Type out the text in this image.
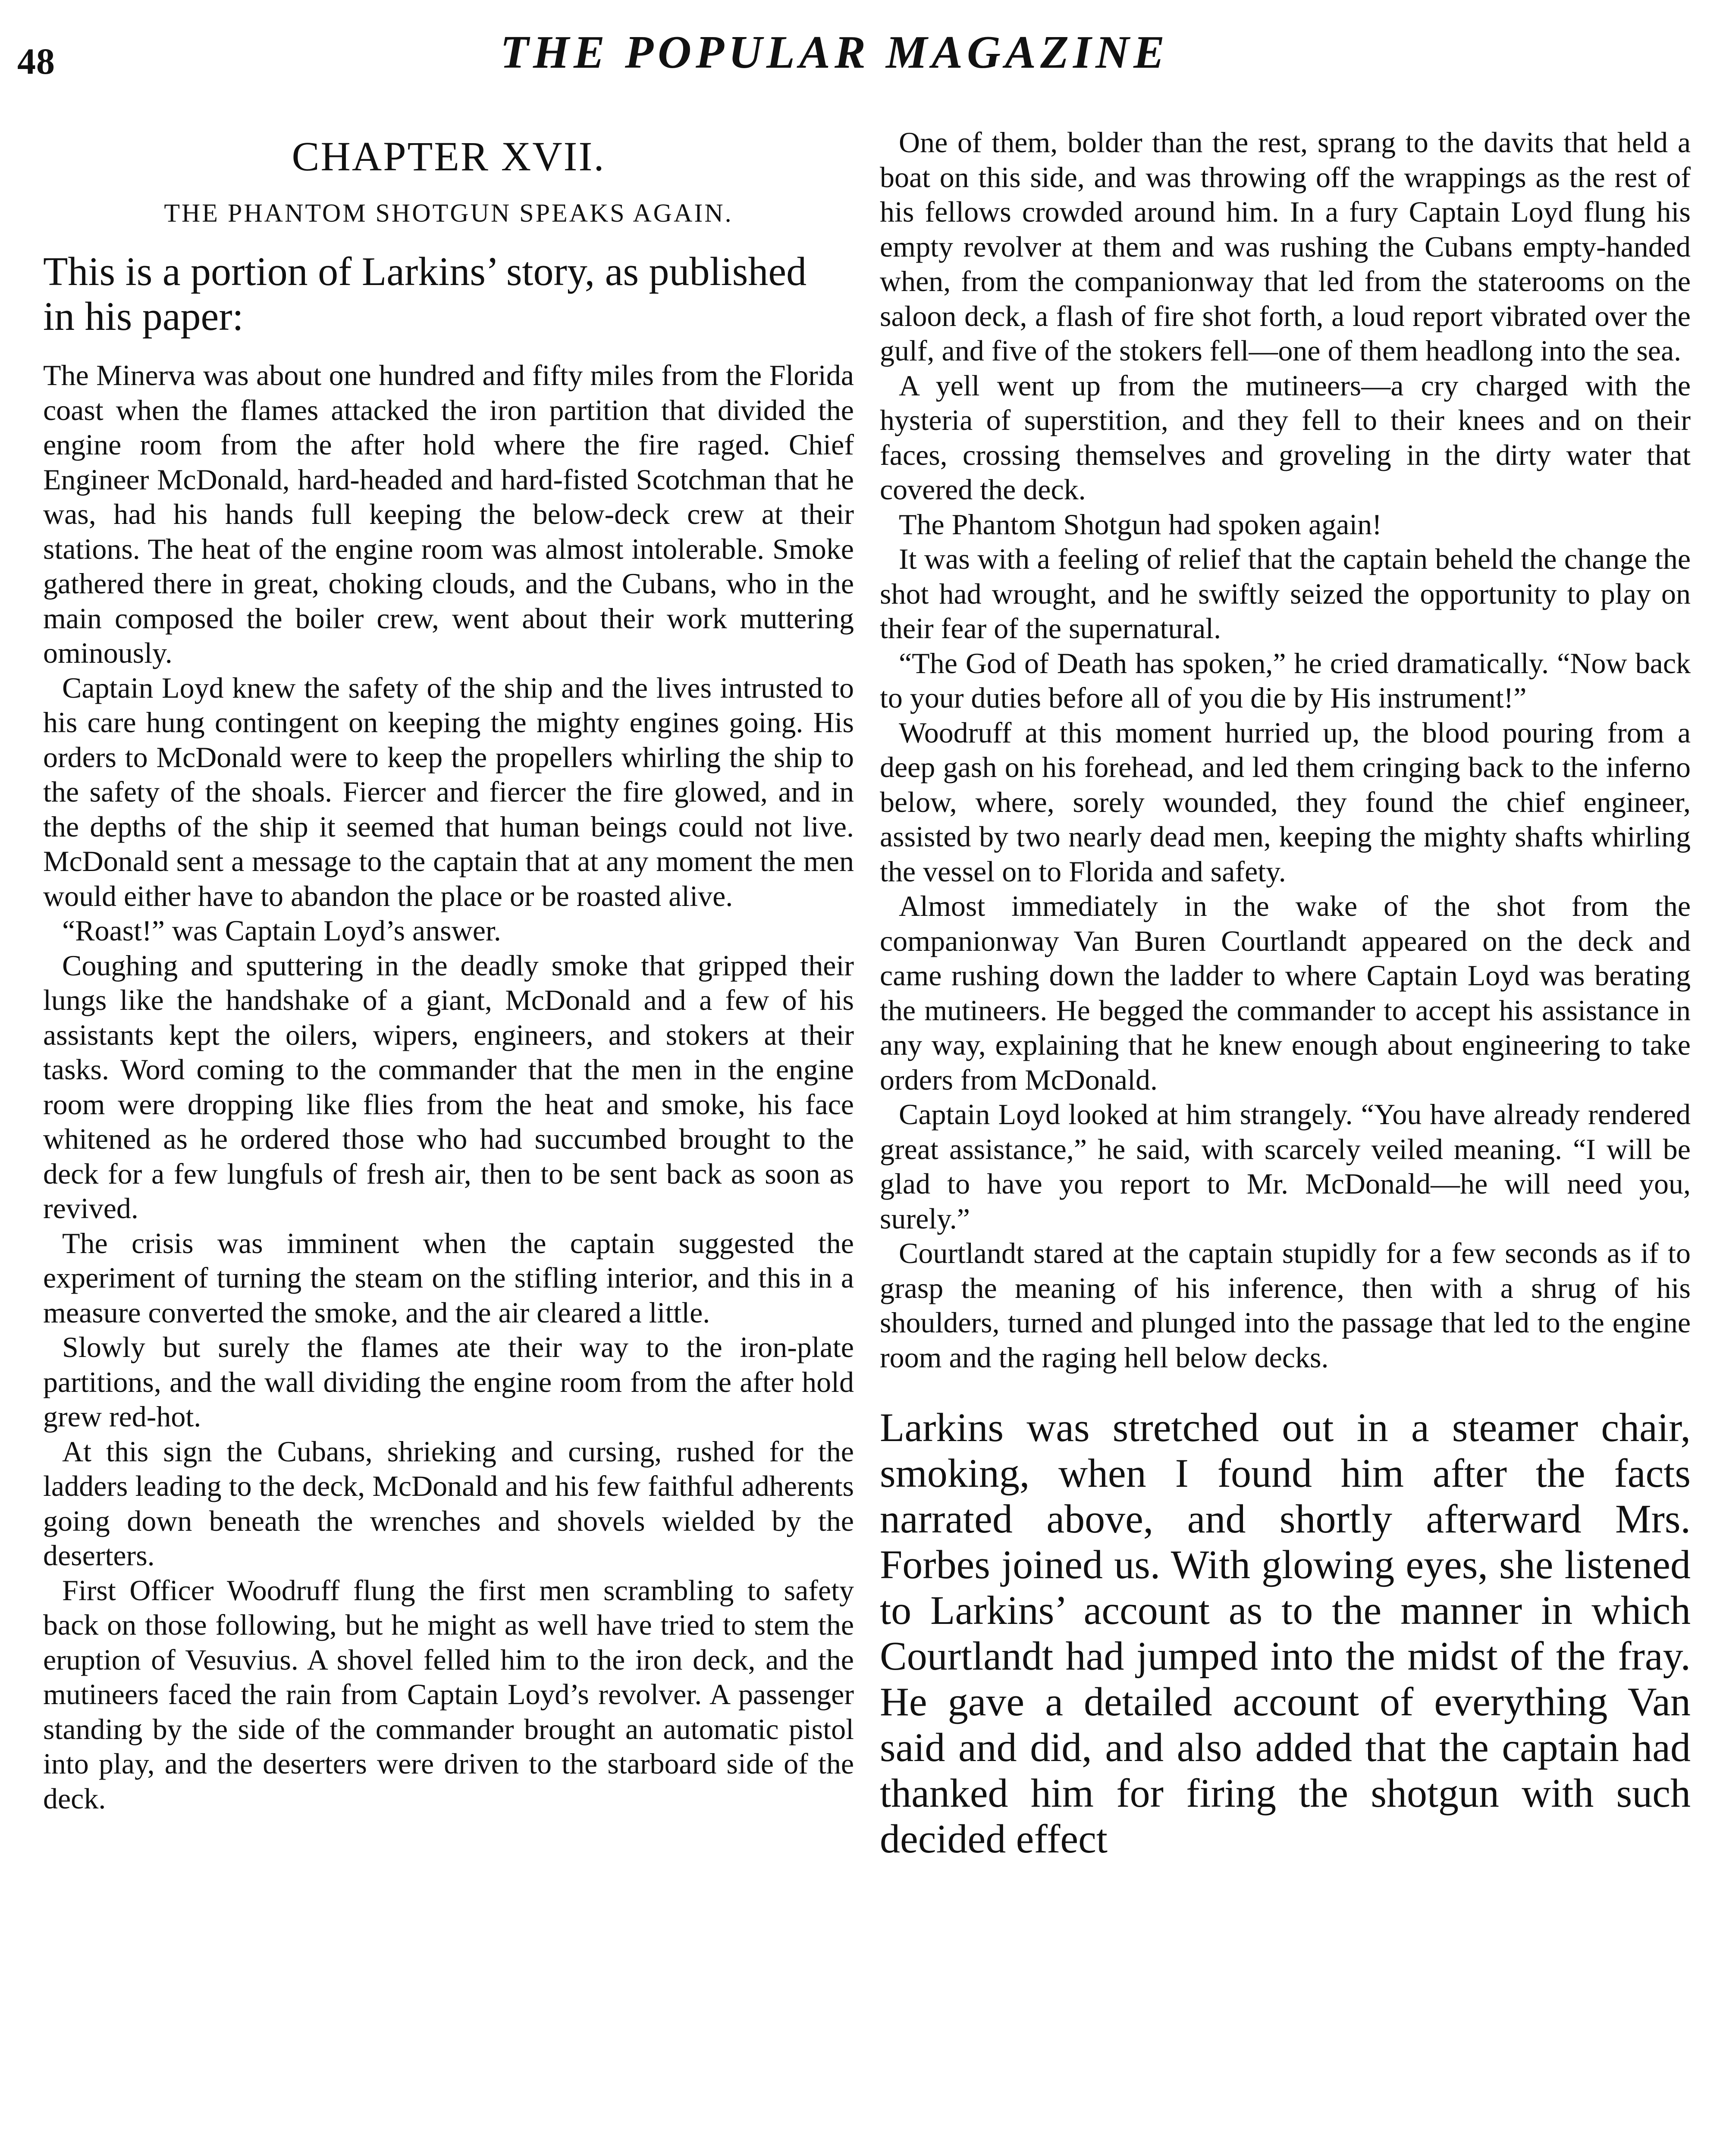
48	THE POPULAR MAGAZINE
CHAPTER XVII.
THE PHANTOM SHOTGUN SPEAKS AGAIN.
This is a portion of Larkins’ story, as published in his paper:

The Minerva was about one hundred and fifty miles from the Florida coast when the flames attacked the iron partition that divided the engine room from the after hold where the fire raged. Chief Engineer McDonald, hard-headed and hard-fisted Scotchman that he was, had his hands full keeping the below-deck crew at their stations. The heat of the engine room was almost intolerable. Smoke gathered there in great, choking clouds, and the Cubans, who in the main composed the boiler crew, went about their work muttering ominously.

Captain Loyd knew the safety of the ship and the lives intrusted to his care hung contingent on keeping the mighty engines going. His orders to McDonald were to keep the propellers whirling the ship to the safety of the shoals. Fiercer and fiercer the fire glowed, and in the depths of the ship it seemed that human beings could not live. McDonald sent a message to the captain that at any moment the men would either have to abandon the place or be roasted alive.

“Roast!” was Captain Loyd’s answer.

Coughing and sputtering in the deadly smoke that gripped their lungs like the handshake of a giant, McDonald and a few of his assistants kept the oilers, wipers, engineers, and stokers at their tasks. Word coming to the commander that the men in the engine room were dropping like flies from the heat and smoke, his face whitened as he ordered those who had succumbed brought to the deck for a few lungfuls of fresh air, then to be sent back as soon as revived.

The crisis was imminent when the captain suggested the experiment of turning the steam on the stifling interior, and this in a measure converted the smoke, and the air cleared a little.

Slowly but surely the flames ate their way to the iron-plate partitions, and the wall dividing the engine room from the after hold grew red-hot.

At this sign the Cubans, shrieking and cursing, rushed for the ladders leading to the deck, McDonald and his few faithful adherents going down beneath the wrenches and shovels wielded by the deserters.

First Officer Woodruff flung the first men scrambling to safety back on those following, but he might as well have tried to stem the eruption of Vesuvius. A shovel felled him to the iron deck, and the mutineers faced the rain from Captain Loyd’s revolver. A passenger standing by the side of the commander brought an automatic pistol into play, and the deserters were driven to the starboard side of the deck.

One of them, bolder than the rest, sprang to the davits that held a boat on this side, and was throwing off the wrappings as the rest of his fellows crowded around him. In a fury Captain Loyd flung his empty revolver at them and was rushing the Cubans empty-handed when, from the companionway that led from the staterooms on the saloon deck, a flash of fire shot forth, a loud report vibrated over the gulf, and five of the stokers fell—one of them headlong into the sea.

A yell went up from the mutineers—a cry charged with the hysteria of superstition, and they fell to their knees and on their faces, crossing themselves and groveling in the dirty water that covered the deck.

The Phantom Shotgun had spoken again!

It was with a feeling of relief that the captain beheld the change the shot had wrought, and he swiftly seized the opportunity to play on their fear of the supernatural.

“The God of Death has spoken,” he cried dramatically. “Now back to your duties before all of you die by His instrument!”

Woodruff at this moment hurried up, the blood pouring from a deep gash on his forehead, and led them cringing back to the inferno below, where, sorely wounded, they found the chief engineer, assisted by two nearly dead men, keeping the mighty shafts whirling the vessel on to Florida and safety.

Almost immediately in the wake of the shot from the companionway Van Buren Courtlandt appeared on the deck and came rushing down the ladder to where Captain Loyd was berating the mutineers. He begged the commander to accept his assistance in any way, explaining that he knew enough about engineering to take orders from McDonald.

Captain Loyd looked at him strangely. “You have already rendered great assistance,” he said, with scarcely veiled meaning. “I will be glad to have you report to Mr. McDonald—he will need you, surely.”

Courtlandt stared at the captain stupidly for a few seconds as if to grasp the meaning of his inference, then with a shrug of his shoulders, turned and plunged into the passage that led to the engine room and the raging hell below decks.

Larkins was stretched out in a steamer chair, smoking, when I found him after the facts narrated above, and shortly afterward Mrs. Forbes joined us. With glowing eyes, she listened to Larkins’ account as to the manner in which Courtlandt had jumped into the midst of the fray. He gave a detailed account of everything Van said and did, and also added that the captain had thanked him for firing the shotgun with such decided effect
